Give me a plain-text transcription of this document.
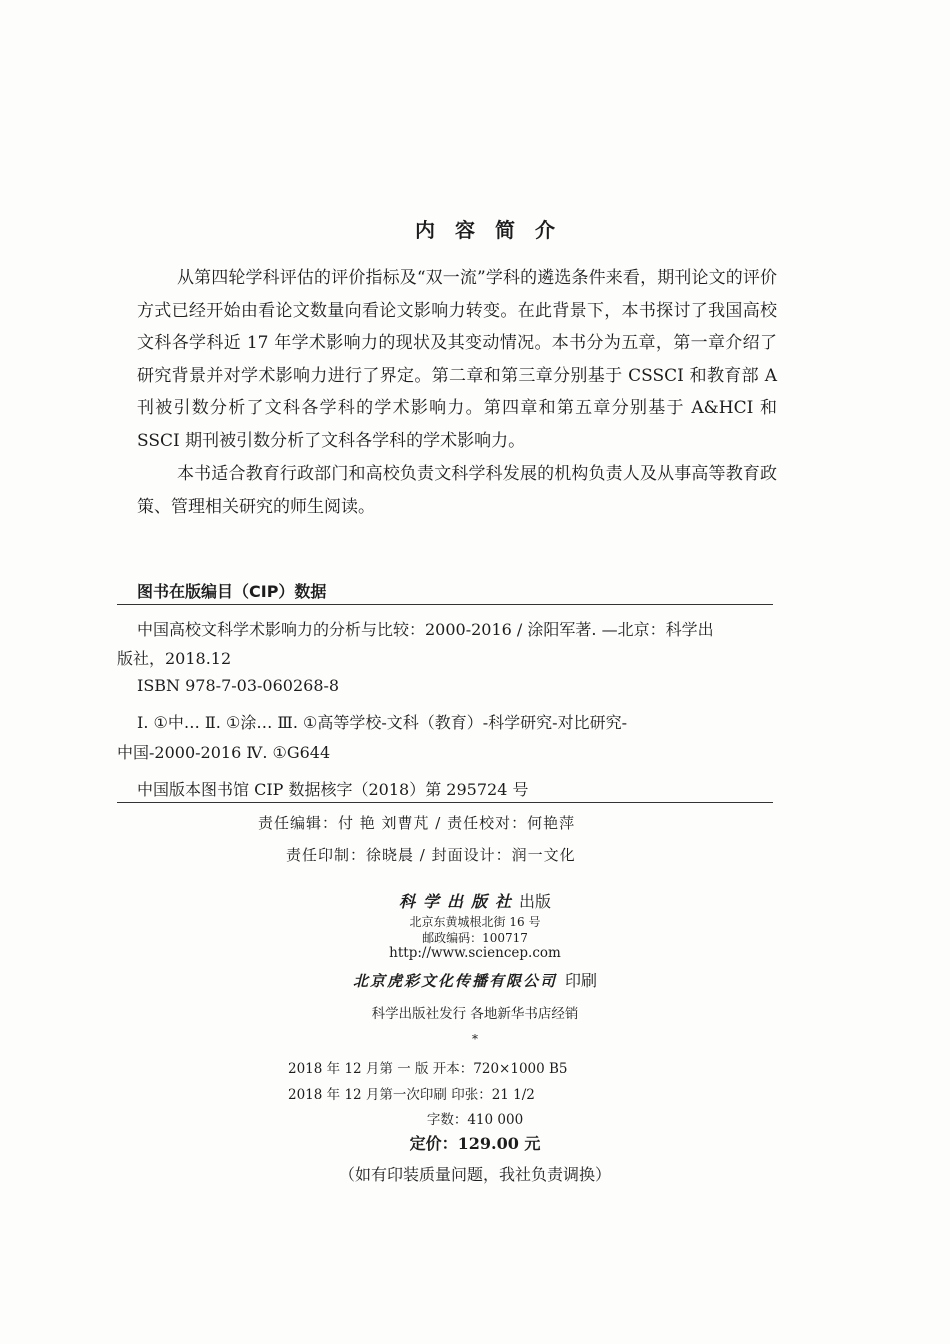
内容简介

从第四轮学科评估的评价指标及“双一流”学科的遴选条件来看，期刊论文的评价方式已经开始由看论文数量向看论文影响力转变。在此背景下，本书探讨了我国高校文科各学科近 17 年学术影响力的现状及其变动情况。本书分为五章，第一章介绍了研究背景并对学术影响力进行了界定。第二章和第三章分别基于 CSSCI 和教育部 A 刊被引数分析了文科各学科的学术影响力。第四章和第五章分别基于 A&HCI 和 SSCI 期刊被引数分析了文科各学科的学术影响力。

本书适合教育行政部门和高校负责文科学科发展的机构负责人及从事高等教育政策、管理相关研究的师生阅读。

图书在版编目（CIP）数据
中国高校文科学术影响力的分析与比较：2000-2016 / 涂阳军著. —北京：科学出
版社，2018.12
ISBN 978-7-03-060268-8
Ⅰ. ①中… Ⅱ. ①涂… Ⅲ. ①高等学校-文科（教育）-科学研究-对比研究-
中国-2000-2016 Ⅳ. ①G644
中国版本图书馆 CIP 数据核字（2018）第 295724 号
责任编辑：付 艳 刘曹芃 / 责任校对：何艳萍
责任印制：徐晓晨 / 封面设计：润一文化
科学出版社出版
北京东黄城根北街 16 号
邮政编码：100717
http://www.sciencep.com
北京虎彩文化传播有限公司 印刷
科学出版社发行 各地新华书店经销
*
2018 年 12 月第 一 版 开本：720×1000 B5
2018 年 12 月第一次印刷 印张：21 1/2
字数：410 000
定价：129.00 元
（如有印装质量问题，我社负责调换）
